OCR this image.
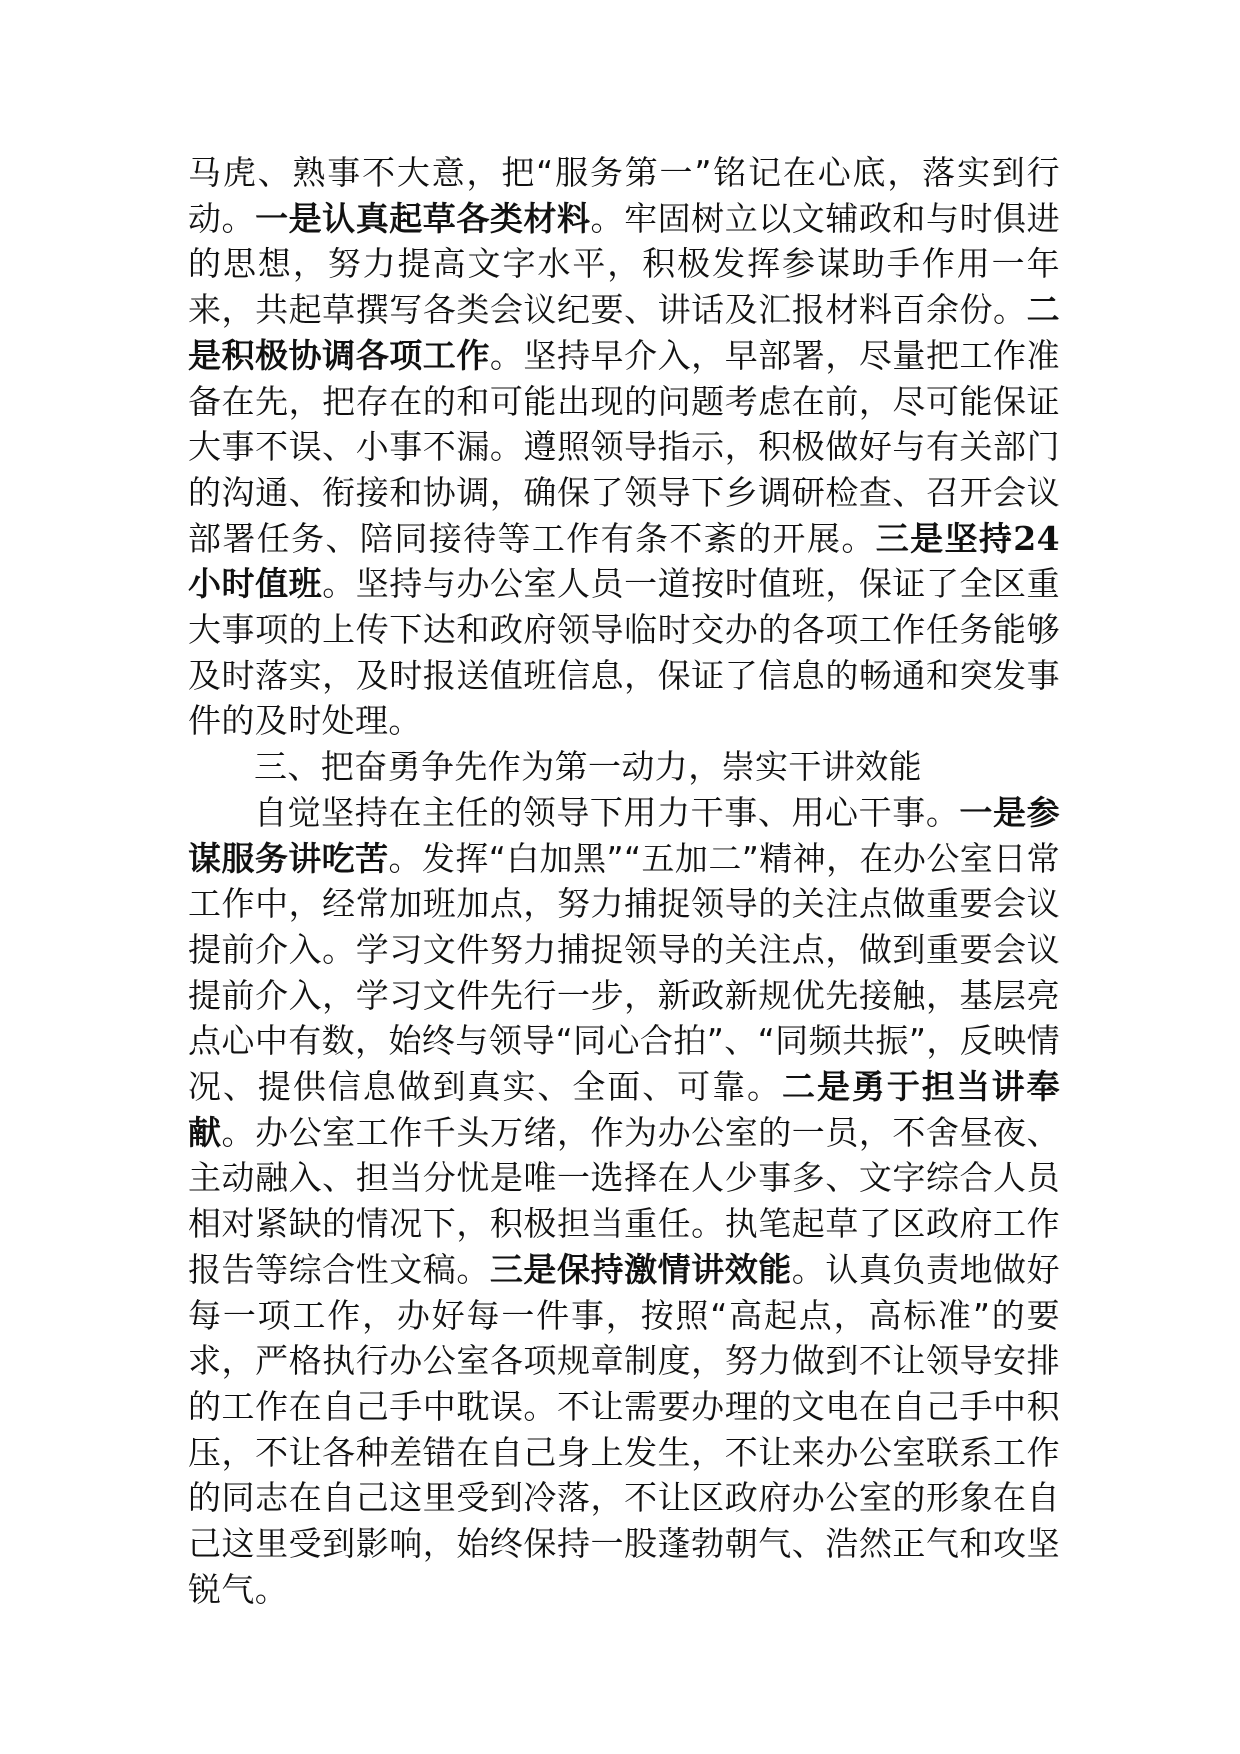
马虎、熟事不大意，把“服务第一”铭记在心底，落实到行动。一是认真起草各类材料。牢固树立以文辅政和与时俱进的思想，努力提高文字水平，积极发挥参谋助手作用一年来，共起草撰写各类会议纪要、讲话及汇报材料百余份。二是积极协调各项工作。坚持早介入，早部署，尽量把工作准备在先，把存在的和可能出现的问题考虑在前，尽可能保证大事不误、小事不漏。遵照领导指示，积极做好与有关部门的沟通、衔接和协调，确保了领导下乡调研检查、召开会议部署任务、陪同接待等工作有条不紊的开展。三是坚持24小时值班。坚持与办公室人员一道按时值班，保证了全区重大事项的上传下达和政府领导临时交办的各项工作任务能够及时落实，及时报送值班信息，保证了信息的畅通和突发事件的及时处理。

三、把奋勇争先作为第一动力，崇实干讲效能

自觉坚持在主任的领导下用力干事、用心干事。一是参谋服务讲吃苦。发挥“白加黑”“五加二”精神，在办公室日常工作中，经常加班加点，努力捕捉领导的关注点做重要会议提前介入。学习文件努力捕捉领导的关注点，做到重要会议提前介入，学习文件先行一步，新政新规优先接触，基层亮点心中有数，始终与领导“同心合拍”、“同频共振”，反映情况、提供信息做到真实、全面、可靠。二是勇于担当讲奉献。办公室工作千头万绪，作为办公室的一员，不舍昼夜、主动融入、担当分忧是唯一选择在人少事多、文字综合人员相对紧缺的情况下，积极担当重任。执笔起草了区政府工作报告等综合性文稿。三是保持激情讲效能。认真负责地做好每一项工作，办好每一件事，按照“高起点，高标准”的要求，严格执行办公室各项规章制度，努力做到不让领导安排的工作在自己手中耽误。不让需要办理的文电在自己手中积压，不让各种差错在自己身上发生，不让来办公室联系工作的同志在自己这里受到冷落，不让区政府办公室的形象在自己这里受到影响，始终保持一股蓬勃朝气、浩然正气和攻坚锐气。
